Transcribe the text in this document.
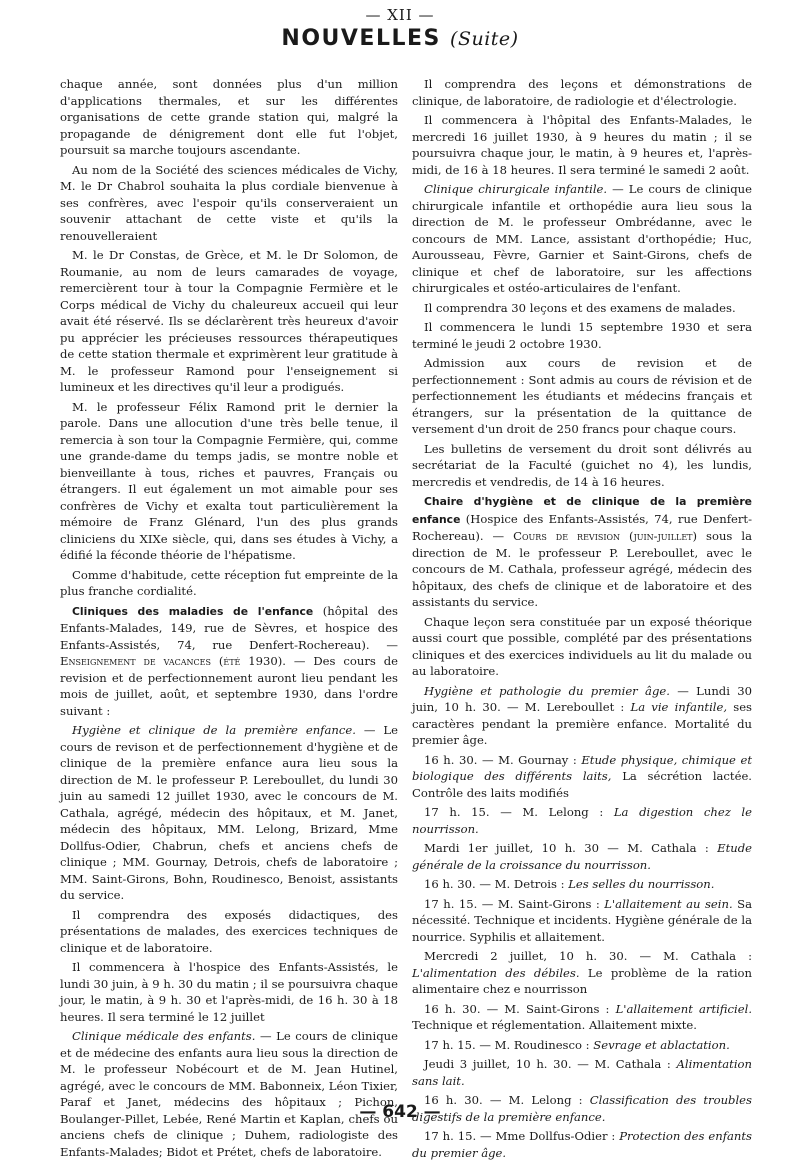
— XII —
NOUVELLES (Suite)

chaque année, sont données plus d'un million d'applications thermales, et sur les différentes organisations de cette grande station qui, malgré la propagande de dénigrement dont elle fut l'objet, poursuit sa marche toujours ascendante.

Au nom de la Société des sciences médicales de Vichy, M. le Dr Chabrol souhaita la plus cordiale bienvenue à ses confrères, avec l'espoir qu'ils conserveraient un souvenir attachant de cette viste et qu'ils la renouvelleraient

M. le Dr Constas, de Grèce, et M. le Dr Solomon, de Roumanie, au nom de leurs camarades de voyage, remercièrent tour à tour la Compagnie Fermière et le Corps médical de Vichy du chaleureux accueil qui leur avait été réservé. Ils se déclarèrent très heureux d'avoir pu apprécier les précieuses ressources thérapeutiques de cette station thermale et exprimèrent leur gratitude à M. le professeur Ramond pour l'enseignement si lumineux et les directives qu'il leur a prodigués.

M. le professeur Félix Ramond prit le dernier la parole. Dans une allocution d'une très belle tenue, il remercia à son tour la Compagnie Fermière, qui, comme une grande-dame du temps jadis, se montre noble et bienveillante à tous, riches et pauvres, Français ou étrangers. Il eut également un mot aimable pour ses confrères de Vichy et exalta tout particulièrement la mémoire de Franz Glénard, l'un des plus grands cliniciens du XIXe siècle, qui, dans ses études à Vichy, a édifié la féconde théorie de l'hépatisme.

Comme d'habitude, cette réception fut empreinte de la plus franche cordialité.

Cliniques des maladies de l'enfance (hôpital des Enfants-Malades, 149, rue de Sèvres, et hospice des Enfants-Assistés, 74, rue Denfert-Rochereau). — Enseignement de vacances (été 1930). — Des cours de revision et de perfectionnement auront lieu pendant les mois de juillet, août, et septembre 1930, dans l'ordre suivant :

Hygiène et clinique de la première enfance. — Le cours de revison et de perfectionnement d'hygiène et de clinique de la première enfance aura lieu sous la direction de M. le professeur P. Lereboullet, du lundi 30 juin au samedi 12 juillet 1930, avec le concours de M. Cathala, agrégé, médecin des hôpitaux, et M. Janet, médecin des hôpitaux, MM. Lelong, Brizard, Mme Dollfus-Odier, Chabrun, chefs et anciens chefs de clinique ; MM. Gournay, Detrois, chefs de laboratoire ; MM. Saint-Girons, Bohn, Roudinesco, Benoist, assistants du service.

Il comprendra des exposés didactiques, des présentations de malades, des exercices techniques de clinique et de laboratoire.

Il commencera à l'hospice des Enfants-Assistés, le lundi 30 juin, à 9 h. 30 du matin ; il se poursuivra chaque jour, le matin, à 9 h. 30 et l'après-midi, de 16 h. 30 à 18 heures. Il sera terminé le 12 juillet

Clinique médicale des enfants. — Le cours de clinique et de médecine des enfants aura lieu sous la direction de M. le professeur Nobécourt et de M. Jean Hutinel, agrégé, avec le concours de MM. Babonneix, Léon Tixier, Paraf et Janet, médecins des hôpitaux ; Pichon, Boulanger-Pillet, Lebée, René Martin et Kaplan, chefs ou anciens chefs de clinique ; Duhem, radiologiste des Enfants-Malades; Bidot et Prétet, chefs de laboratoire.

Il comprendra des leçons et démonstrations de clinique, de laboratoire, de radiologie et d'électrologie.

Il commencera à l'hôpital des Enfants-Malades, le mercredi 16 juillet 1930, à 9 heures du matin ; il se poursuivra chaque jour, le matin, à 9 heures et, l'après-midi, de 16 à 18 heures. Il sera terminé le samedi 2 août.

Clinique chirurgicale infantile. — Le cours de clinique chirurgicale infantile et orthopédie aura lieu sous la direction de M. le professeur Ombrédanne, avec le concours de MM. Lance, assistant d'orthopédie; Huc, Aurousseau, Fèvre, Garnier et Saint-Girons, chefs de clinique et chef de laboratoire, sur les affections chirurgicales et ostéo-articulaires de l'enfant.

Il comprendra 30 leçons et des examens de malades.

Il commencera le lundi 15 septembre 1930 et sera terminé le jeudi 2 octobre 1930.

Admission aux cours de revision et de perfectionnement : Sont admis au cours de révision et de perfectionnement les étudiants et médecins français et étrangers, sur la présentation de la quittance de versement d'un droit de 250 francs pour chaque cours.

Les bulletins de versement du droit sont délivrés au secrétariat de la Faculté (guichet no 4), les lundis, mercredis et vendredis, de 14 à 16 heures.

Chaire d'hygiène et de clinique de la première enfance (Hospice des Enfants-Assistés, 74, rue Denfert-Rochereau). — Cours de revision (juin-juillet) sous la direction de M. le professeur P. Lereboullet, avec le concours de M. Cathala, professeur agrégé, médecin des hôpitaux, des chefs de clinique et de laboratoire et des assistants du service.

Chaque leçon sera constituée par un exposé théorique aussi court que possible, complété par des présentations cliniques et des exercices individuels au lit du malade ou au laboratoire.

Hygiène et pathologie du premier âge. — Lundi 30 juin, 10 h. 30. — M. Lereboullet : La vie infantile, ses caractères pendant la première enfance. Mortalité du premier âge.

16 h. 30. — M. Gournay : Etude physique, chimique et biologique des différents laits, La sécrétion lactée. Contrôle des laits modifiés

17 h. 15. — M. Lelong : La digestion chez le nourrisson.

Mardi 1er juillet, 10 h. 30 — M. Cathala : Etude générale de la croissance du nourrisson.

16 h. 30. — M. Detrois : Les selles du nourrisson.

17 h. 15. — M. Saint-Girons : L'allaitement au sein. Sa nécessité. Technique et incidents. Hygiène générale de la nourrice. Syphilis et allaitement.

Mercredi 2 juillet, 10 h. 30. — M. Cathala : L'alimentation des débiles. Le problème de la ration alimentaire chez e nourrisson

16 h. 30. — M. Saint-Girons : L'allaitement artificiel. Technique et réglementation. Allaitement mixte.

17 h. 15. — M. Roudinesco : Sevrage et ablactation.

Jeudi 3 juillet, 10 h. 30. — M. Cathala : Alimentation sans lait.

16 h. 30. — M. Lelong : Classification des troubles digestifs de la première enfance.

17 h. 15. — Mme Dollfus-Odier : Protection des enfants du premier âge.

— 642 —
